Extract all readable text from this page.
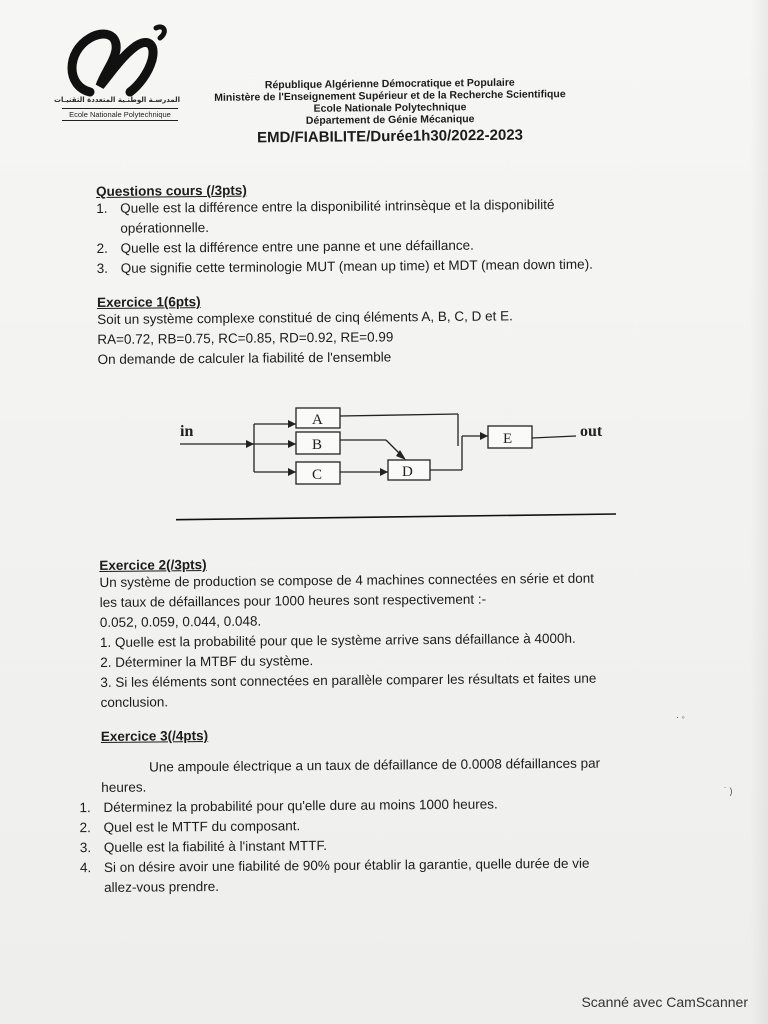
المدرسـة الوطنـية المتعددة التقنيـات
Ecole Nationale Polytechnique
République Algérienne Démocratique et Populaire
Ministère de l'Enseignement Supérieur et de la Recherche Scientifique
Ecole Nationale Polytechnique
Département de Génie Mécanique
EMD/FIABILITE/Durée1h30/2022-2023

Questions cours (/3pts)

1. Quelle est la différence entre la disponibilité intrinsèque et la disponibilité
opérationnelle.
2. Quelle est la différence entre une panne et une défaillance.
3. Que signifie cette terminologie MUT (mean up time) et MDT (mean down time).

Exercice 1(6pts)

Soit un système complexe constitué de cinq éléments A, B, C, D et E.

RA=0.72, RB=0.75, RC=0.85, RD=0.92, RE=0.99

On demande de calculer la fiabilité de l'ensemble

Exercice 2(/3pts)

Un système de production se compose de 4 machines connectées en série et dont

les taux de défaillances pour 1000 heures sont respectivement :-

0.052, 0.059, 0.044, 0.048.

1. Quelle est la probabilité pour que le système arrive sans défaillance à 4000h.

2. Déterminer la MTBF du système.

3. Si les éléments sont connectées en parallèle comparer les résultats et faites une

conclusion.

Exercice 3(/4pts)

Une ampoule électrique a un taux de défaillance de 0.0008 défaillances par

heures.

1. Déterminez la probabilité pour qu'elle dure au moins 1000 heures.
2. Quel est le MTTF du composant.
3. Quelle est la fiabilité à l'instant MTTF.
4. Si on désire avoir une fiabilité de 90% pour établir la garantie, quelle durée de vie
allez-vous prendre.
in	out
A
B
C	D
E
· ◦
˙ )
Scanné avec CamScanner
